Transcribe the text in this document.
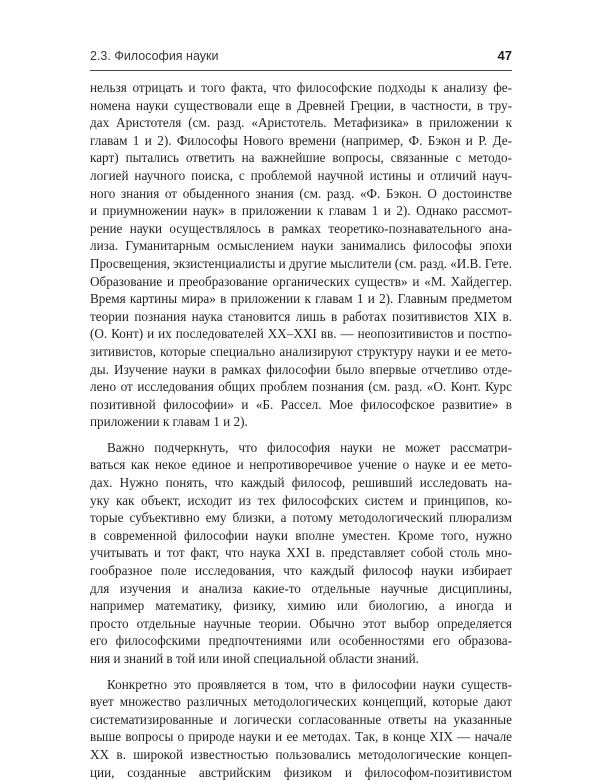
2.3. Философия науки	47

нельзя отрицать и того факта, что философские подходы к анализу фе-
номена науки существовали еще в Древней Греции, в частности, в тру-
дах Аристотеля (см. разд. «Аристотель. Метафизика» в приложении к
главам 1 и 2). Философы Нового времени (например, Ф. Бэкон и Р. Де-
карт) пытались ответить на важнейшие вопросы, связанные с методо-
логией научного поиска, с проблемой научной истины и отличий науч-
ного знания от обыденного знания (см. разд. «Ф. Бэкон. О достоинстве
и приумножении наук» в приложении к главам 1 и 2). Однако рассмот-
рение науки осуществлялось в рамках теоретико-познавательного ана-
лиза. Гуманитарным осмыслением науки занимались философы эпохи
Просвещения, экзистенциалисты и другие мыслители (см. разд. «И.В. Гете.
Образование и преобразование органических существ» и «М. Хайдеггер.
Время картины мира» в приложении к главам 1 и 2). Главным предметом
теории познания наука становится лишь в работах позитивистов XIX в.
(О. Конт) и их последователей XX–XXI вв. — неопозитивистов и постпо-
зитивистов, которые специально анализируют структуру науки и ее мето-
ды. Изучение науки в рамках философии было впервые отчетливо отде-
лено от исследования общих проблем познания (см. разд. «О. Конт. Курс
позитивной философии» и «Б. Рассел. Мое философское развитие» в
приложении к главам 1 и 2).

Важно подчеркнуть, что философия науки не может рассматри-
ваться как некое единое и непротиворечивое учение о науке и ее мето-
дах. Нужно понять, что каждый философ, решивший исследовать на-
уку как объект, исходит из тех философских систем и принципов, ко-
торые субъективно ему близки, а потому методологический плюрализм
в современной философии науки вполне уместен. Кроме того, нужно
учитывать и тот факт, что наука XXI в. представляет собой столь мно-
гообразное поле исследования, что каждый философ науки избирает
для изучения и анализа какие-то отдельные научные дисциплины,
например математику, физику, химию или биологию, а иногда и
просто отдельные научные теории. Обычно этот выбор определяется
его философскими предпочтениями или особенностями его образова-
ния и знаний в той или иной специальной области знаний.

Конкретно это проявляется в том, что в философии науки существ-
вует множество различных методологических концепций, которые дают
систематизированные и логически согласованные ответы на указанные
выше вопросы о природе науки и ее методах. Так, в конце XIX — начале
XX в. широкой известностью пользовались методологические концеп-
ции, созданные австрийским физиком и философом-позитивистом
